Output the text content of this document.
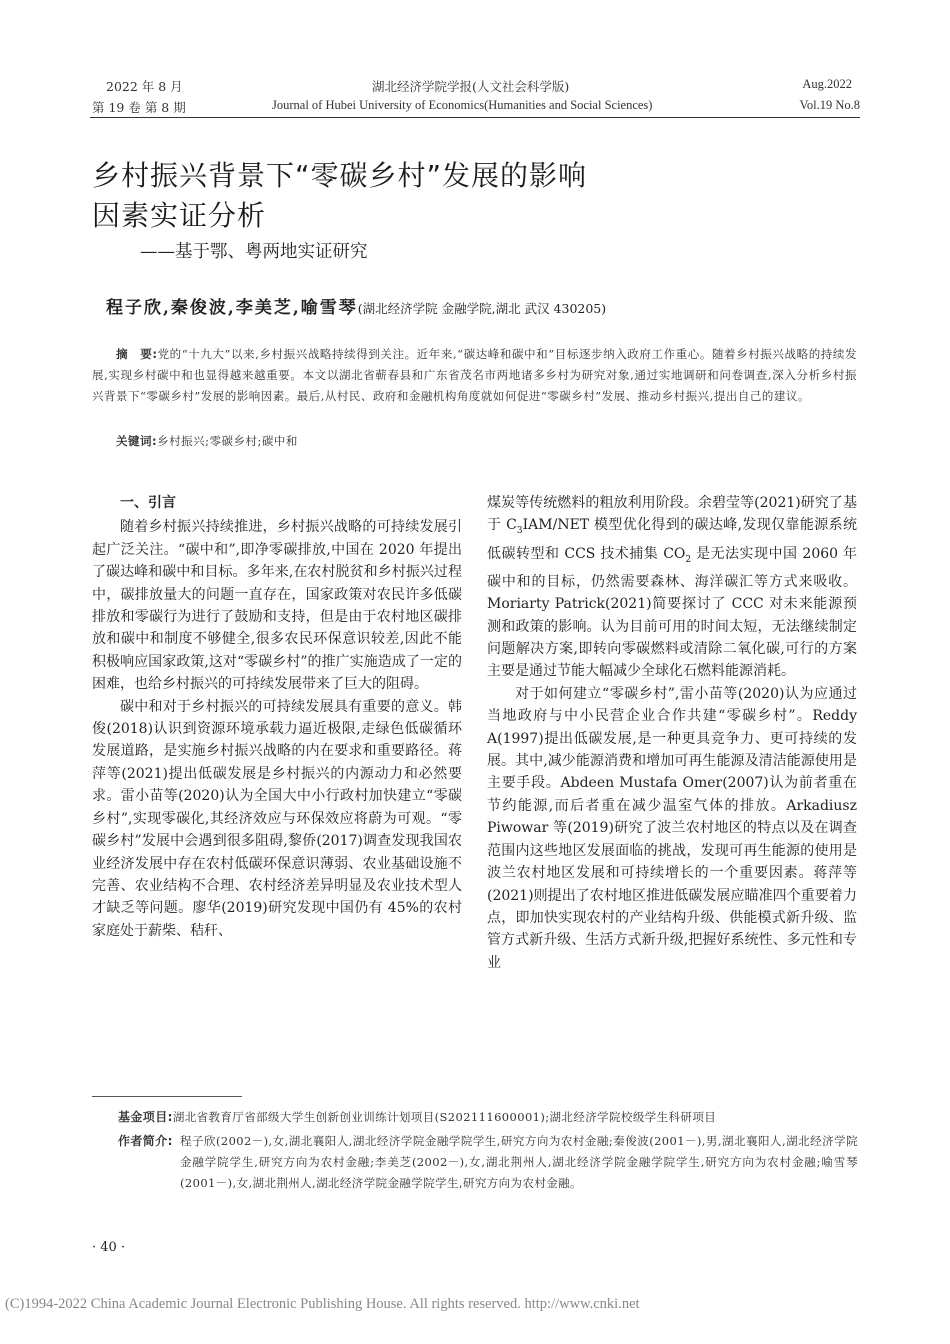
2022 年 8 月	湖北经济学院学报(人文社会科学版)	Aug.2022
第 19 卷 第 8 期	Journal of Hubei University of Economics(Humanities and Social Sciences)	Vol.19 No.8
乡村振兴背景下“零碳乡村”发展的影响
因素实证分析
——基于鄂、粤两地实证研究
程子欣,秦俊波,李美芝,喻雪琴(湖北经济学院 金融学院,湖北 武汉 430205)
摘　要:党的“十九大”以来,乡村振兴战略持续得到关注。近年来,“碳达峰和碳中和”目标逐步纳入政府工作重心。随着乡村振兴战略的持续发展,实现乡村碳中和也显得越来越重要。本文以湖北省蕲春县和广东省茂名市两地诸多乡村为研究对象,通过实地调研和问卷调查,深入分析乡村振兴背景下“零碳乡村”发展的影响因素。最后,从村民、政府和金融机构角度就如何促进“零碳乡村”发展、推动乡村振兴,提出自己的建议。
关键词:乡村振兴;零碳乡村;碳中和
一、引言

随着乡村振兴持续推进，乡村振兴战略的可持续发展引起广泛关注。“碳中和”,即净零碳排放,中国在 2020 年提出了碳达峰和碳中和目标。多年来,在农村脱贫和乡村振兴过程中，碳排放量大的问题一直存在，国家政策对农民许多低碳排放和零碳行为进行了鼓励和支持，但是由于农村地区碳排放和碳中和制度不够健全,很多农民环保意识较差,因此不能积极响应国家政策,这对“零碳乡村”的推广实施造成了一定的困难，也给乡村振兴的可持续发展带来了巨大的阻碍。

碳中和对于乡村振兴的可持续发展具有重要的意义。韩俊(2018)认识到资源环境承载力逼近极限,走绿色低碳循环发展道路，是实施乡村振兴战略的内在要求和重要路径。蒋萍等(2021)提出低碳发展是乡村振兴的内源动力和必然要求。雷小苗等(2020)认为全国大中小行政村加快建立“零碳乡村”,实现零碳化,其经济效应与环保效应将蔚为可观。“零碳乡村”发展中会遇到很多阻碍,黎侨(2017)调查发现我国农业经济发展中存在农村低碳环保意识薄弱、农业基础设施不完善、农业结构不合理、农村经济差异明显及农业技术型人才缺乏等问题。廖华(2019)研究发现中国仍有 45%的农村家庭处于薪柴、秸秆、

煤炭等传统燃料的粗放利用阶段。余碧莹等(2021)研究了基于 $C_3IAM$/NET 模型优化得到的碳达峰,发现仅靠能源系统低碳转型和 CCS 技术捕集 $CO_2$ 是无法实现中国 2060 年碳中和的目标，仍然需要森林、海洋碳汇等方式来吸收。Moriarty Patrick(2021)简要探讨了 CCC 对未来能源预测和政策的影响。认为目前可用的时间太短，无法继续制定问题解决方案,即转向零碳燃料或清除二氧化碳,可行的方案主要是通过节能大幅减少全球化石燃料能源消耗。

对于如何建立“零碳乡村”,雷小苗等(2020)认为应通过当地政府与中小民营企业合作共建“零碳乡村”。Reddy A(1997)提出低碳发展,是一种更具竞争力、更可持续的发展。其中,减少能源消费和增加可再生能源及清洁能源使用是主要手段。Abdeen Mustafa Omer(2007)认为前者重在节约能源,而后者重在减少温室气体的排放。Arkadiusz Piwowar 等(2019)研究了波兰农村地区的特点以及在调查范围内这些地区发展面临的挑战，发现可再生能源的使用是波兰农村地区发展和可持续增长的一个重要因素。蒋萍等(2021)则提出了农村地区推进低碳发展应瞄准四个重要着力点，即加快实现农村的产业结构升级、供能模式新升级、监管方式新升级、生活方式新升级,把握好系统性、多元性和专业

基金项目:湖北省教育厅省部级大学生创新创业训练计划项目(S202111600001);湖北经济学院校级学生科研项目
作者简介: 程子欣(2002－),女,湖北襄阳人,湖北经济学院金融学院学生,研究方向为农村金融;秦俊波(2001－),男,湖北襄阳人,湖北经济学院金融学院学生,研究方向为农村金融;李美芝(2002－),女,湖北荆州人,湖北经济学院金融学院学生,研究方向为农村金融;喻雪琴(2001－),女,湖北荆州人,湖北经济学院金融学院学生,研究方向为农村金融。
· 40 ·
(C)1994-2022 China Academic Journal Electronic Publishing House. All rights reserved. http://www.cnki.net
